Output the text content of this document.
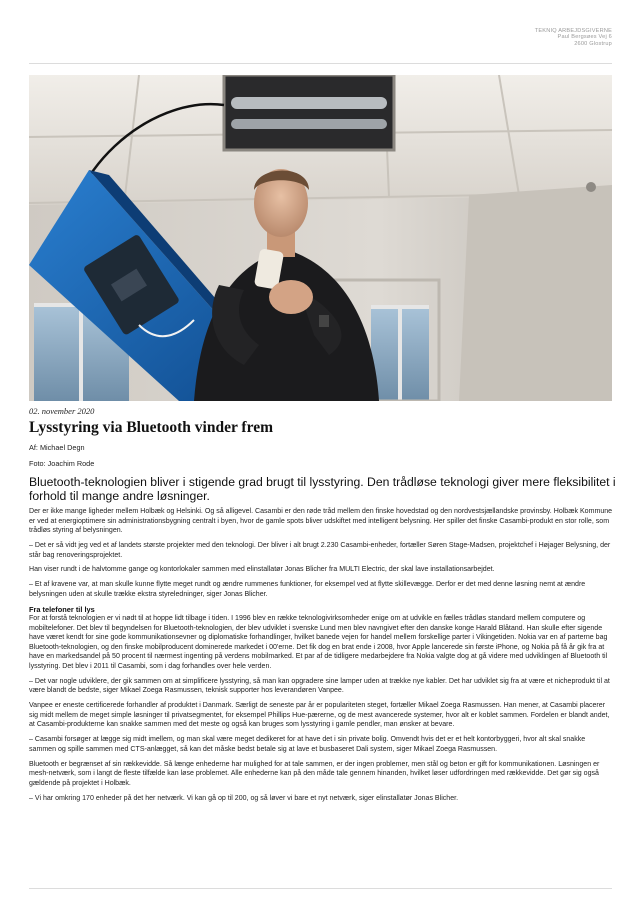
TEKNIQ ARBEJDSGIVERNE
Paul Bergsøes Vej 6
2600 Glostrup
02. november 2020
Lysstyring via Bluetooth vinder frem
Af: Michael Degn
Foto: Joachim Rode

Bluetooth-teknologien bliver i stigende grad brugt til lysstyring. Den trådløse teknologi giver mere fleksibilitet i forhold til mange andre løsninger.

Der er ikke mange ligheder mellem Holbæk og Helsinki. Og så alligevel. Casambi er den røde tråd mellem den finske hovedstad og den nordvestsjællandske provinsby. Holbæk Kommune er ved at energioptimere sin administrationsbygning centralt i byen, hvor de gamle spots bliver udskiftet med intelligent belysning. Her spiller det finske Casambi-produkt en stor rolle, som trådløs styring af belysningen.

– Det er så vidt jeg ved et af landets største projekter med den teknologi. Der bliver i alt brugt 2.230 Casambi-enheder, fortæller Søren Stage-Madsen, projektchef i Højager Belysning, der står bag renoveringsprojektet.

Han viser rundt i de halvtomme gange og kontorlokaler sammen med elinstallatør Jonas Blicher fra MULTI Electric, der skal lave installationsarbejdet.

– Et af kravene var, at man skulle kunne flytte meget rundt og ændre rummenes funktioner, for eksempel ved at flytte skillevægge. Derfor er det med denne løsning nemt at ændre belysningen uden at skulle trække ekstra styreledninger, siger Jonas Blicher.

Fra telefoner til lys

For at forstå teknologien er vi nødt til at hoppe lidt tilbage i tiden. I 1996 blev en række teknologivirksomheder enige om at udvikle en fælles trådløs standard mellem computere og mobiltelefoner. Det blev til begyndelsen for Bluetooth-teknologien, der blev udviklet i svenske Lund men blev navngivet efter den danske konge Harald Blåtand. Han skulle efter sigende have været kendt for sine gode kommunikationsevner og diplomatiske forhandlinger, hvilket banede vejen for handel mellem forskellige parter i Vikingetiden. Nokia var en af parterne bag Bluetooth-teknologien, og den finske mobilproducent dominerede markedet i 00'erne. Det fik dog en brat ende i 2008, hvor Apple lancerede sin første iPhone, og Nokia på få år gik fra at have en markedsandel på 50 procent til nærmest ingenting på verdens mobilmarked. Et par af de tidligere medarbejdere fra Nokia valgte dog at gå videre med udviklingen af Bluetooth til lysstyring. Det blev i 2011 til Casambi, som i dag forhandles over hele verden.

– Det var nogle udviklere, der gik sammen om at simplificere lysstyring, så man kan opgradere sine lamper uden at trække nye kabler. Det har udviklet sig fra at være et nicheprodukt til at være blandt de bedste, siger Mikael Zoega Rasmussen, teknisk supporter hos leverandøren Vanpee.

Vanpee er eneste certificerede forhandler af produktet i Danmark. Særligt de seneste par år er populariteten steget, fortæller Mikael Zoega Rasmussen. Han mener, at Casambi placerer sig midt mellem de meget simple løsninger til privatsegmentet, for eksempel Phillips Hue-pærerne, og de mest avancerede systemer, hvor alt er koblet sammen. Fordelen er blandt andet, at Casambi-produkterne kan snakke sammen med det meste og også kan bruges som lysstyring i gamle pendler, man ønsker at bevare.

– Casambi forsøger at lægge sig midt imellem, og man skal være meget dedikeret for at have det i sin private bolig. Omvendt hvis det er et helt kontorbyggeri, hvor alt skal snakke sammen og spille sammen med CTS-anlægget, så kan det måske bedst betale sig at lave et busbaseret Dali system, siger Mikael Zoega Rasmussen.

Bluetooth er begrænset af sin rækkevidde. Så længe enhederne har mulighed for at tale sammen, er der ingen problemer, men stål og beton er gift for kommunikationen. Løsningen er mesh-netværk, som i langt de fleste tilfælde kan løse problemet. Alle enhederne kan på den måde tale gennem hinanden, hvilket løser udfordringen med rækkevidde. Det gør sig også gældende på projektet i Holbæk.

– Vi har omkring 170 enheder på det her netværk. Vi kan gå op til 200, og så løver vi bare et nyt netværk, siger elinstallatør Jonas Blicher.
